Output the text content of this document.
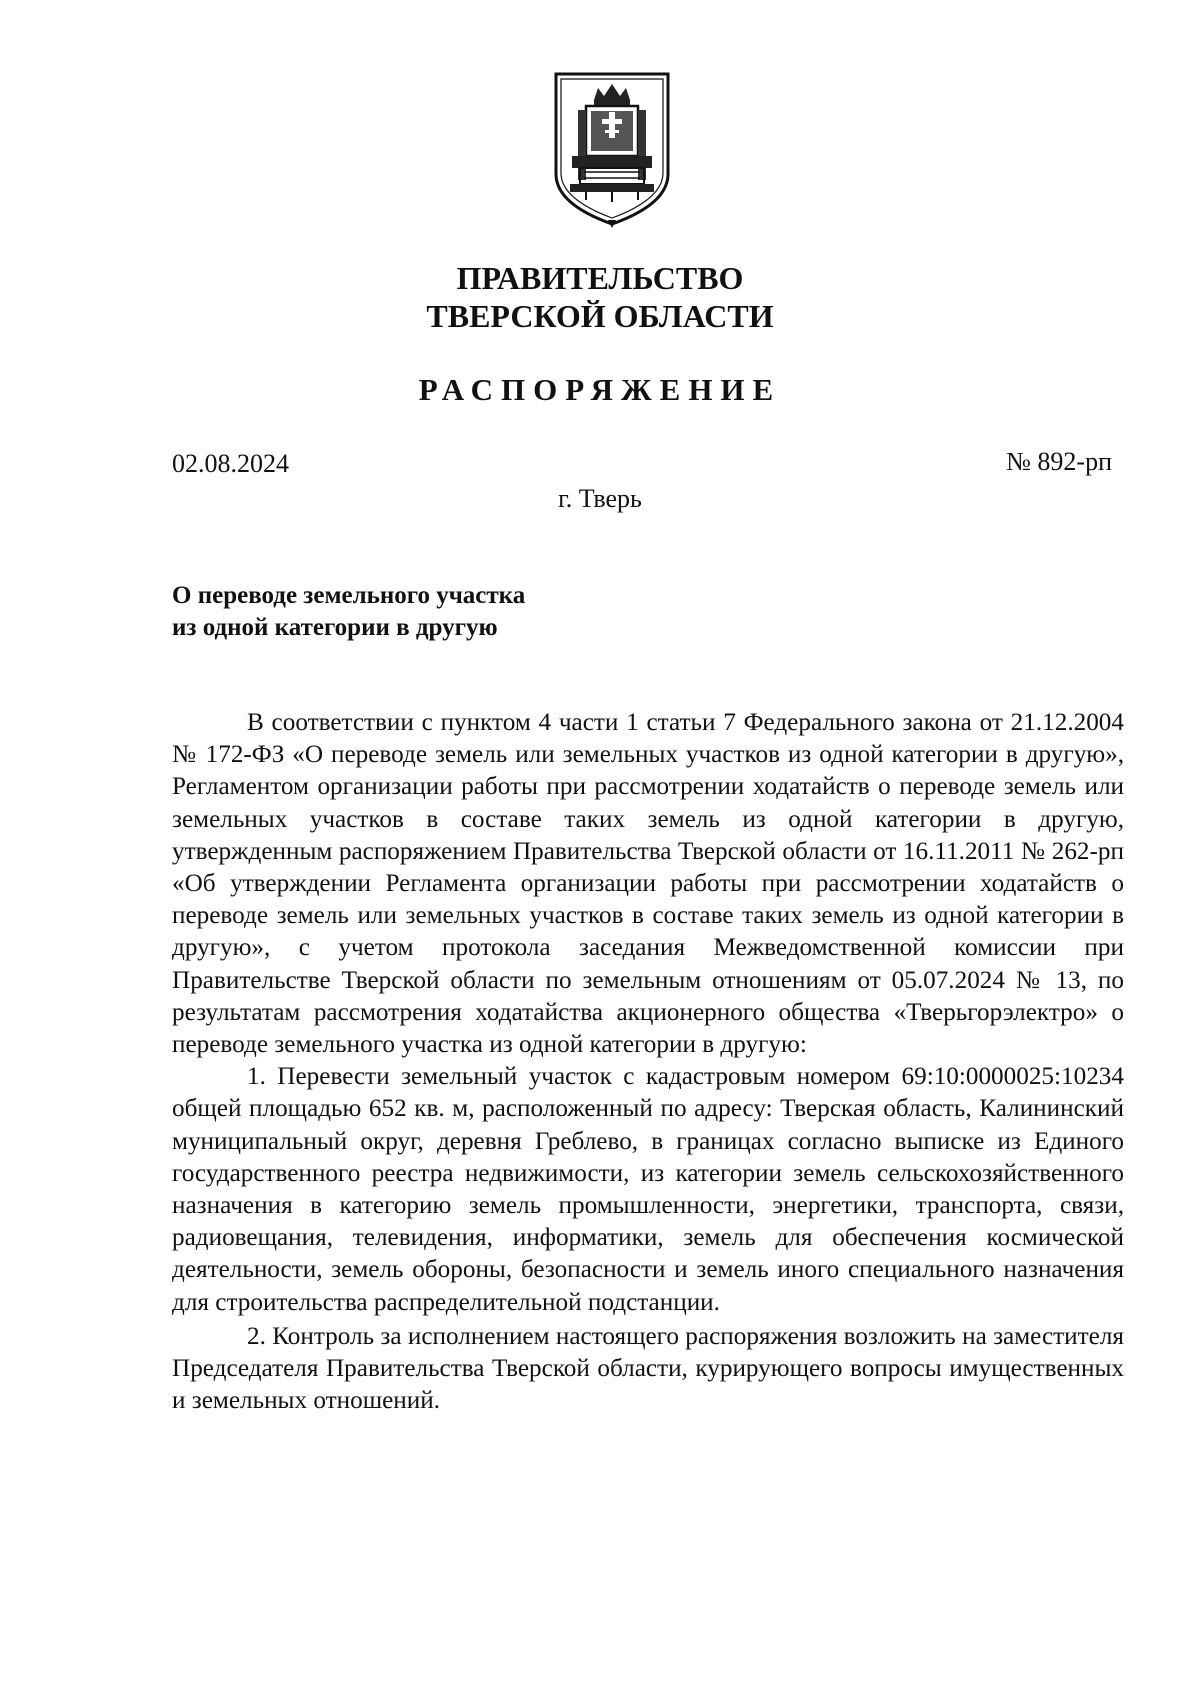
ПРАВИТЕЛЬСТВО
ТВЕРСКОЙ ОБЛАСТИ
РАСПОРЯЖЕНИЕ
02.08.2024	№ 892-рп
г. Тверь
О переводе земельного участка
из одной категории в другую

В соответствии с пунктом 4 части 1 статьи 7 Федерального закона от 21.12.2004 № 172-ФЗ «О переводе земель или земельных участков из одной категории в другую», Регламентом организации работы при рассмотрении ходатайств о переводе земель или земельных участков в составе таких земель из одной категории в другую, утвержденным распоряжением Правительства Тверской области от 16.11.2011 № 262-рп «Об утверждении Регламента организации работы при рассмотрении ходатайств о переводе земель или земельных участков в составе таких земель из одной категории в другую», с учетом протокола заседания Межведомственной комиссии при Правительстве Тверской области по земельным отношениям от 05.07.2024 № 13, по результатам рассмотрения ходатайства акционерного общества «Тверьгорэлектро» о переводе земельного участка из одной категории в другую:

1. Перевести земельный участок с кадастровым номером 69:10:0000025:10234 общей площадью 652 кв. м, расположенный по адресу: Тверская область, Калининский муниципальный округ, деревня Греблево, в границах согласно выписке из Единого государственного реестра недвижимости, из категории земель сельскохозяйственного назначения в категорию земель промышленности, энергетики, транспорта, связи, радиовещания, телевидения, информатики, земель для обеспечения космической деятельности, земель обороны, безопасности и земель иного специального назначения для строительства распределительной подстанции.

2. Контроль за исполнением настоящего распоряжения возложить на заместителя Председателя Правительства Тверской области, курирующего вопросы имущественных и земельных отношений.
